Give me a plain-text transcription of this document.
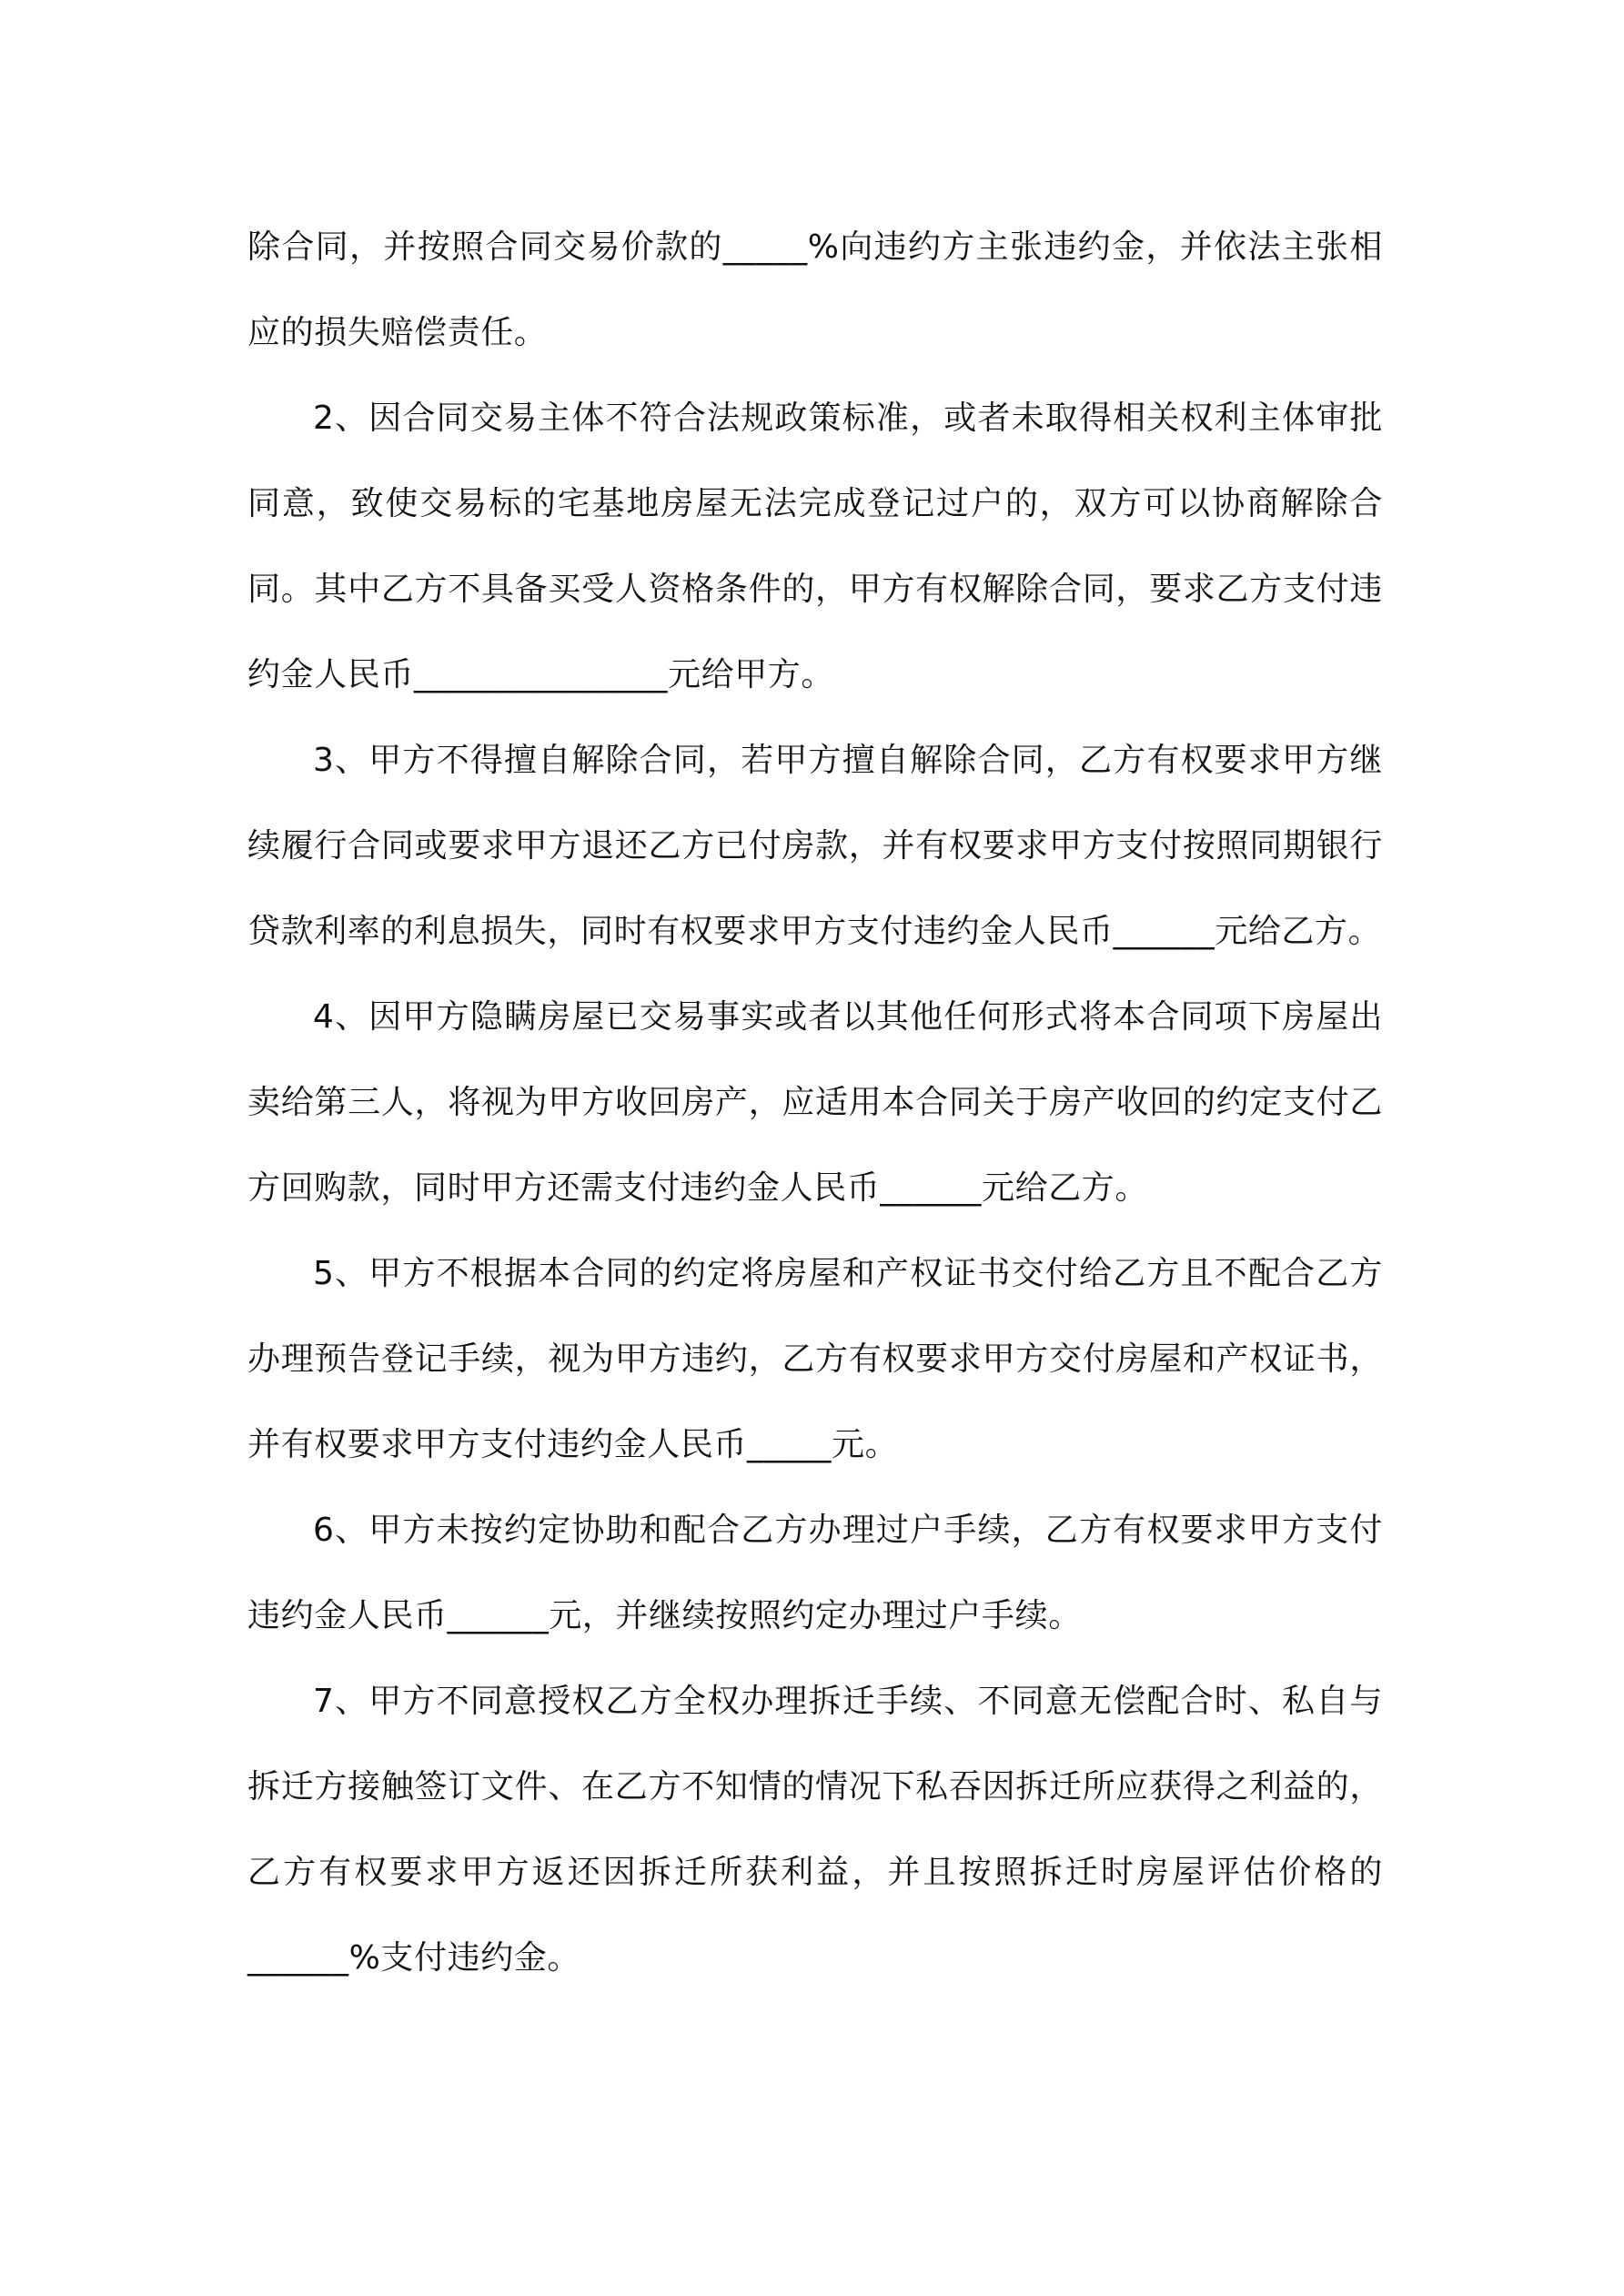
除合同，并按照合同交易价款的_____%向违约方主张违约金，并依法主张相应的损失赔偿责任。

2、因合同交易主体不符合法规政策标准，或者未取得相关权利主体审批同意，致使交易标的宅基地房屋无法完成登记过户的，双方可以协商解除合同。其中乙方不具备买受人资格条件的，甲方有权解除合同，要求乙方支付违约金人民币_______________元给甲方。

3、甲方不得擅自解除合同，若甲方擅自解除合同，乙方有权要求甲方继续履行合同或要求甲方退还乙方已付房款，并有权要求甲方支付按照同期银行贷款利率的利息损失，同时有权要求甲方支付违约金人民币______元给乙方。

4、因甲方隐瞒房屋已交易事实或者以其他任何形式将本合同项下房屋出卖给第三人，将视为甲方收回房产，应适用本合同关于房产收回的约定支付乙方回购款，同时甲方还需支付违约金人民币______元给乙方。

5、甲方不根据本合同的约定将房屋和产权证书交付给乙方且不配合乙方办理预告登记手续，视为甲方违约，乙方有权要求甲方交付房屋和产权证书，并有权要求甲方支付违约金人民币_____元。

6、甲方未按约定协助和配合乙方办理过户手续，乙方有权要求甲方支付违约金人民币______元，并继续按照约定办理过户手续。

7、甲方不同意授权乙方全权办理拆迁手续、不同意无偿配合时、私自与拆迁方接触签订文件、在乙方不知情的情况下私吞因拆迁所应获得之利益的，乙方有权要求甲方返还因拆迁所获利益，并且按照拆迁时房屋评估价格的______%支付违约金。
